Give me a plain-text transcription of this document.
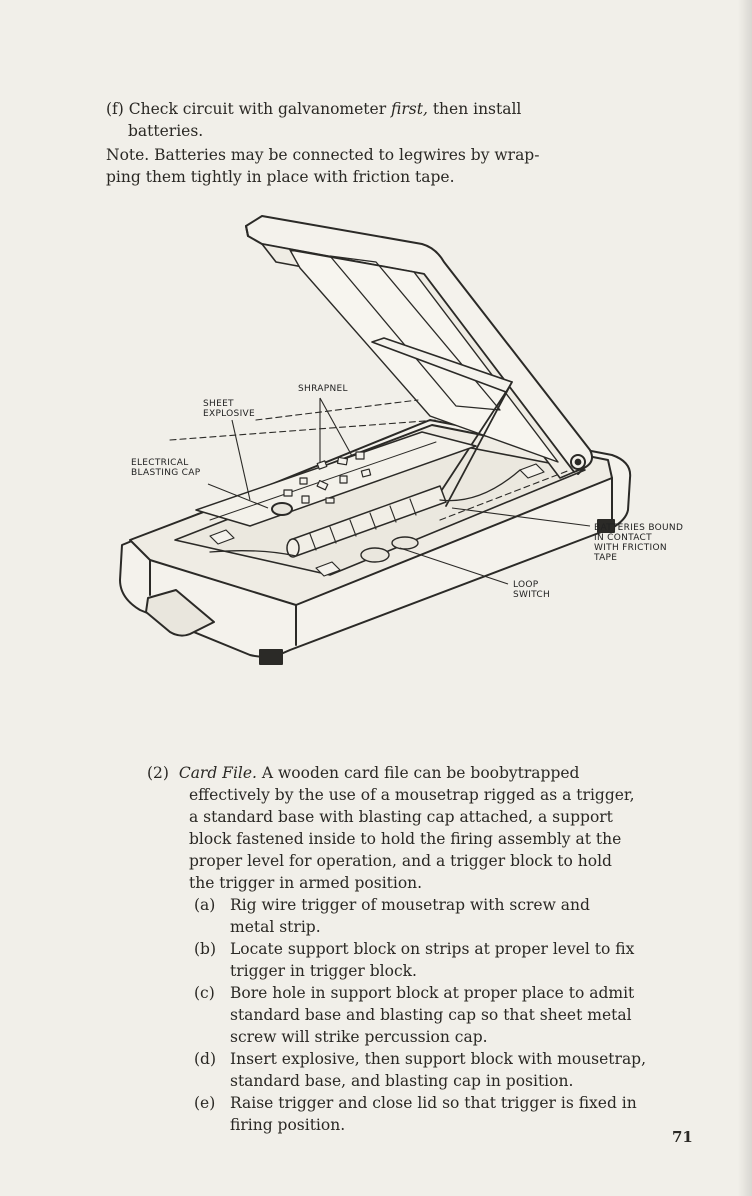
(f) Check circuit with galvanometer first, then install
batteries.
Note. Batteries may be connected to legwires by wrap-
ping them tightly in place with friction tape.
SHRAPNEL
SHEET
EXPLOSIVE
ELECTRICAL
BLASTING CAP
BATTERIES BOUND
IN CONTACT
WITH FRICTION
TAPE
LOOP
SWITCH
(2) Card File. A wooden card file can be boobytrapped
effectively by the use of a mousetrap rigged as a trigger,
a standard base with blasting cap attached, a support
block fastened inside to hold the firing assembly at the
proper level for operation, and a trigger block to hold
the trigger in armed position.
(a) Rig wire trigger of mousetrap with screw and
metal strip.
(b) Locate support block on strips at proper level to fix
trigger in trigger block.
(c) Bore hole in support block at proper place to admit
standard base and blasting cap so that sheet metal
screw will strike percussion cap.
(d) Insert explosive, then support block with mousetrap,
standard base, and blasting cap in position.
(e) Raise trigger and close lid so that trigger is fixed in
firing position.
71
